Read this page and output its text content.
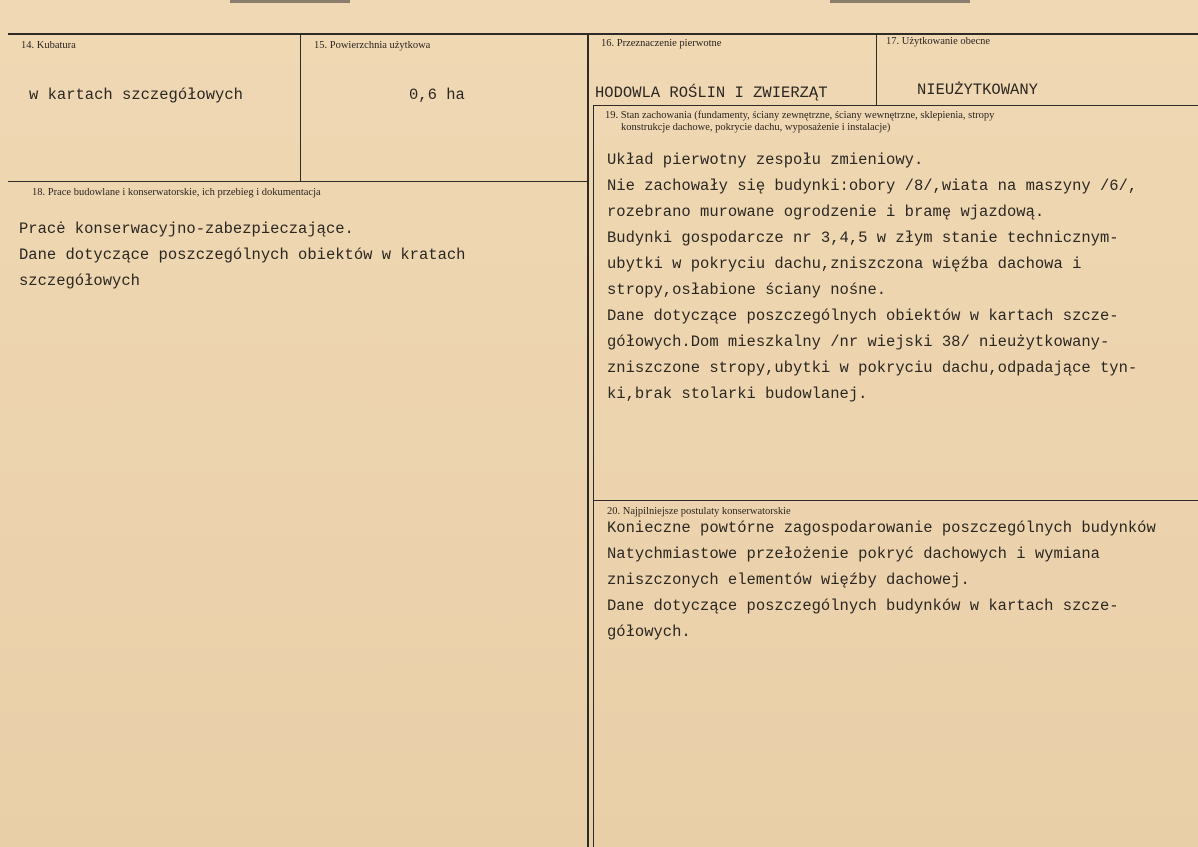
14. Kubatura
w kartach szczegółowych
15. Powierzchnia użytkowa
0,6 ha
16. Przeznaczenie pierwotne
HODOWLA ROŚLIN I ZWIERZĄT
17. Użytkowanie obecne
NIEUŻYTKOWANY
19. Stan zachowania (fundamenty, ściany zewnętrzne, ściany wewnętrzne, sklepienia, stropy
konstrukcje dachowe, pokrycie dachu, wyposażenie i instalacje)
Układ pierwotny zespołu zmieniowy.
Nie zachowały się budynki:obory /8/,wiata na maszyny /6/,
rozebrano murowane ogrodzenie i bramę wjazdową.
Budynki gospodarcze nr 3,4,5 w złym stanie technicznym-
ubytki w pokryciu dachu,zniszczona więźba dachowa i
stropy,osłabione ściany nośne.
Dane dotyczące poszczególnych obiektów w kartach szcze-
gółowych.Dom mieszkalny /nr wiejski 38/ nieużytkowany-
zniszczone stropy,ubytki w pokryciu dachu,odpadające tyn-
ki,brak stolarki budowlanej.
18. Prace budowlane i konserwatorskie, ich przebieg i dokumentacja
Pracė konserwacyjno-zabezpieczające.
Dane dotyczące poszczególnych obiektów w kratach
szczegółowych
20. Najpilniejsze postulaty konserwatorskie
Konieczne powtórne zagospodarowanie poszczególnych budynków
Natychmiastowe przełożenie pokryć dachowych i wymiana
zniszczonych elementów więźby dachowej.
Dane dotyczące poszczególnych budynków w kartach szcze-
gółowych.
